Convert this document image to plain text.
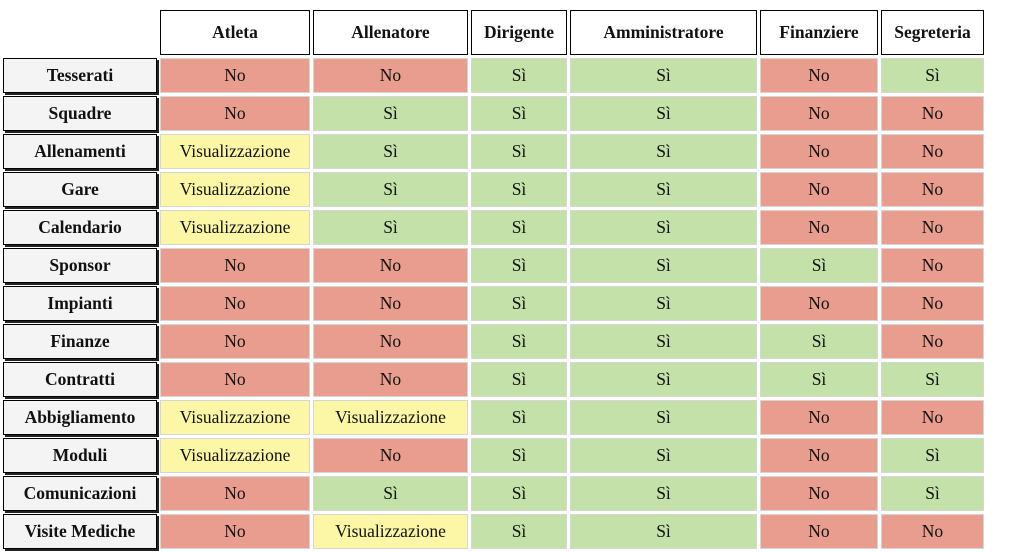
	Atleta	Allenatore	Dirigente	Amministratore	Finanziere	Segreteria
Tesserati	No	No	Sì	Sì	No	Sì
Squadre	No	Sì	Sì	Sì	No	No
Allenamenti	Visualizzazione	Sì	Sì	Sì	No	No
Gare	Visualizzazione	Sì	Sì	Sì	No	No
Calendario	Visualizzazione	Sì	Sì	Sì	No	No
Sponsor	No	No	Sì	Sì	Sì	No
Impianti	No	No	Sì	Sì	No	No
Finanze	No	No	Sì	Sì	Sì	No
Contratti	No	No	Sì	Sì	Sì	Sì
Abbigliamento	Visualizzazione	Visualizzazione	Sì	Sì	No	No
Moduli	Visualizzazione	No	Sì	Sì	No	Sì
Comunicazioni	No	Sì	Sì	Sì	No	Sì
Visite Mediche	No	Visualizzazione	Sì	Sì	No	No
